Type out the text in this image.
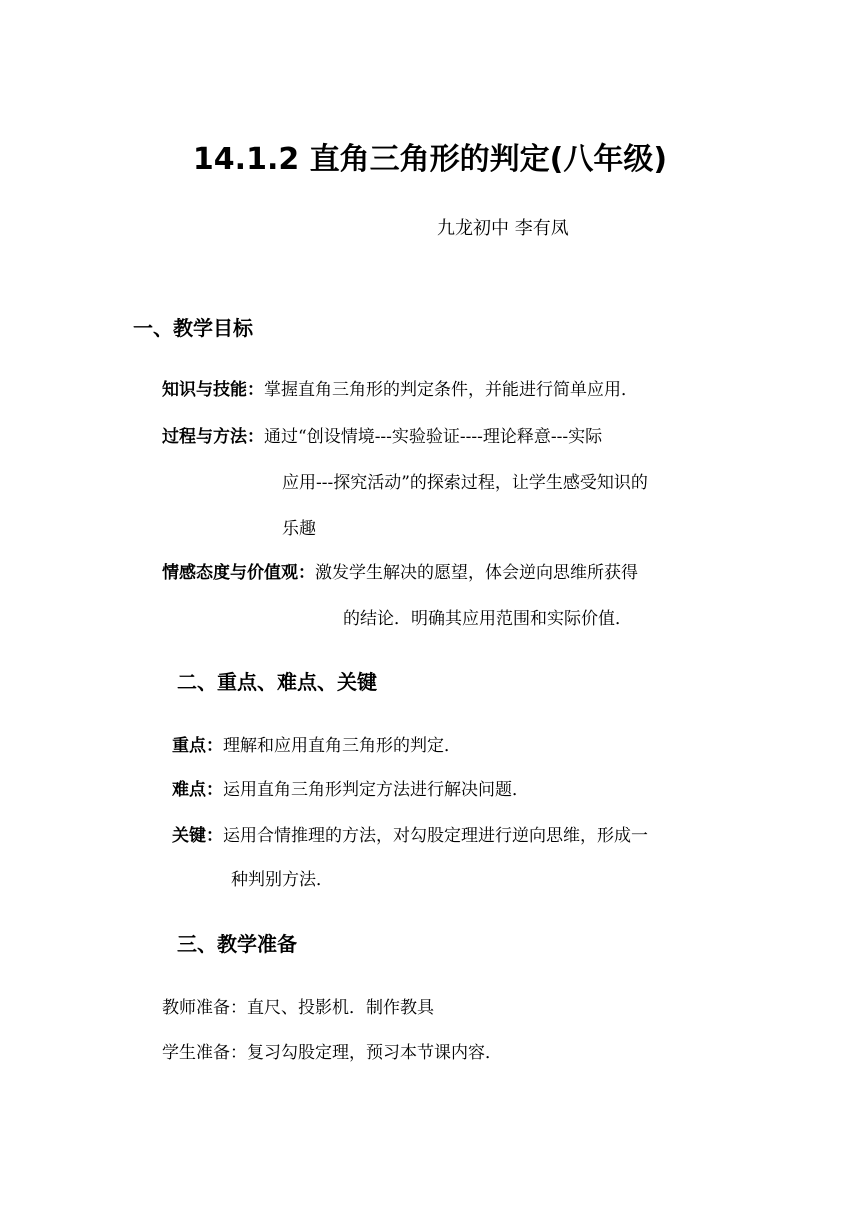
14.1.2 直角三角形的判定(八年级)
九龙初中 李有凤
一、教学目标
知识与技能： 掌握直角三角形的判定条件，并能进行简单应用．
过程与方法： 通过“创设情境---实验验证----理论释意---实际
应用---探究活动”的探索过程，让学生感受知识的
乐趣
情感态度与价值观： 激发学生解决的愿望，体会逆向思维所获得
的结论．明确其应用范围和实际价值．
二、重点、难点、关键
重点： 理解和应用直角三角形的判定．
难点： 运用直角三角形判定方法进行解决问题．
关键： 运用合情推理的方法，对勾股定理进行逆向思维，形成一
种判别方法．
三、教学准备
教师准备：直尺、投影机．制作教具
学生准备：复习勾股定理，预习本节课内容．
